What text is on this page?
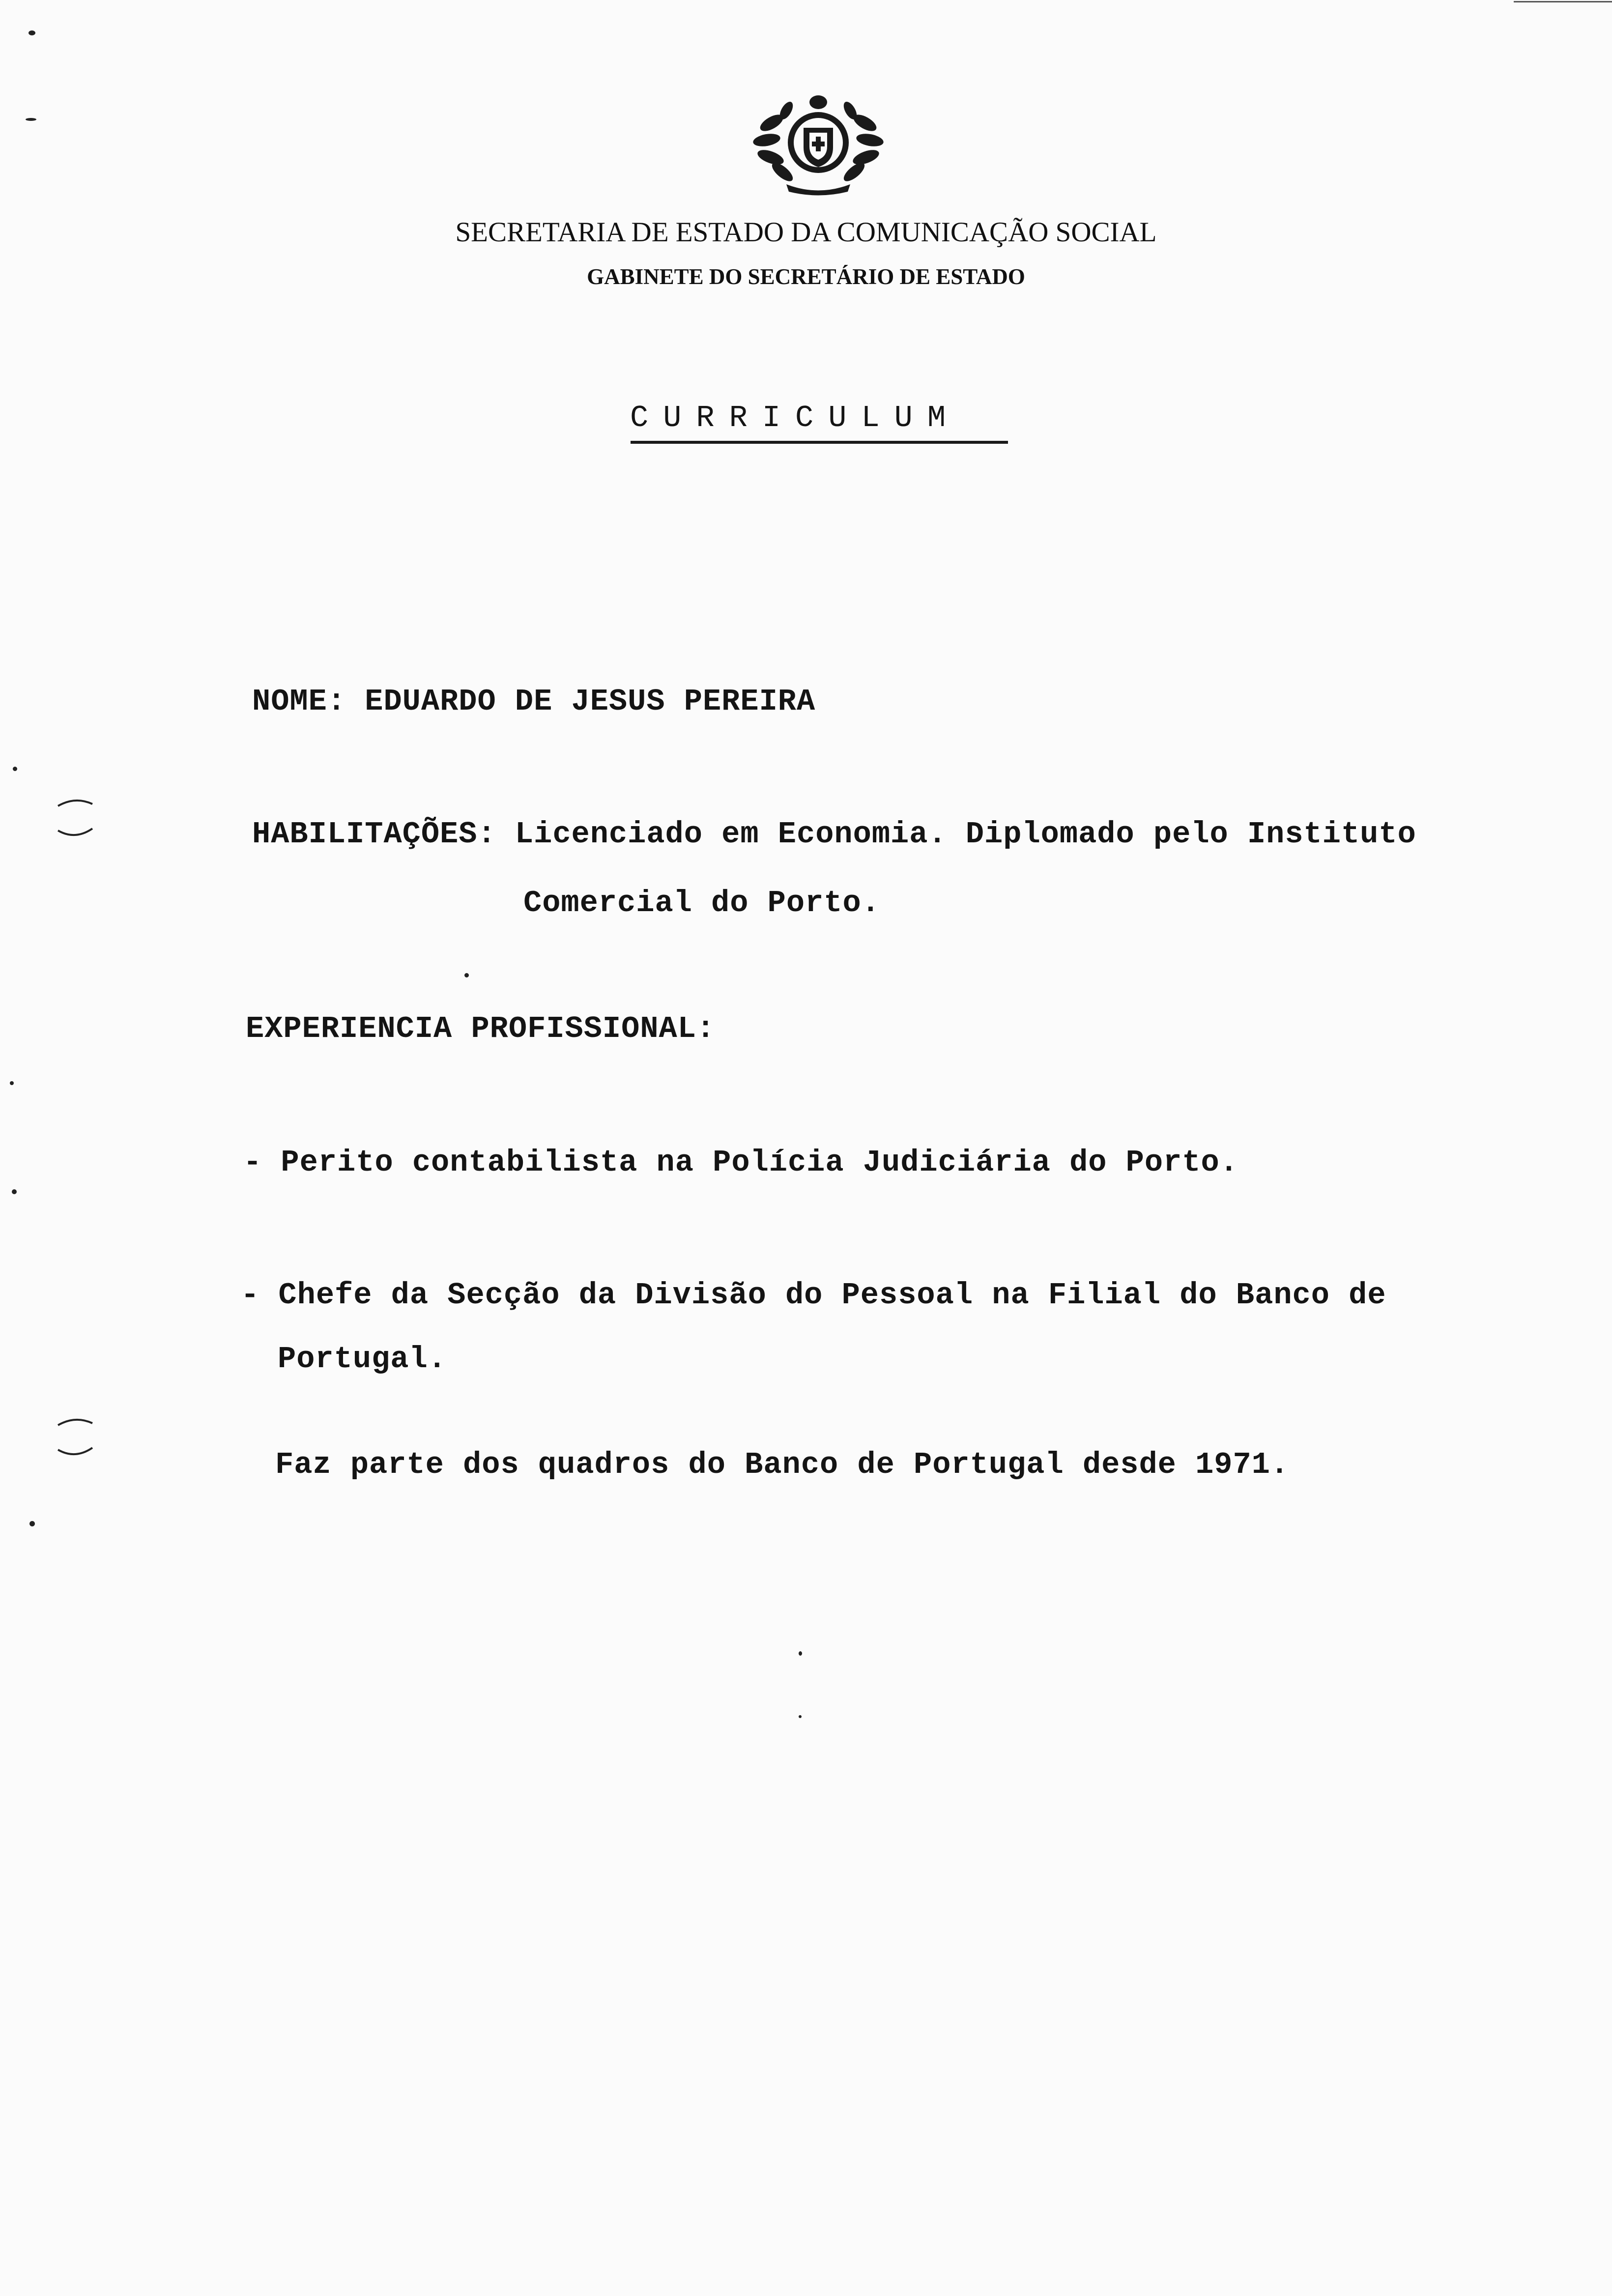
SECRETARIA DE ESTADO DA COMUNICAÇÃO SOCIAL
GABINETE DO SECRETÁRIO DE ESTADO
CURRICULUM
NOME: EDUARDO DE JESUS PEREIRA
HABILITAÇÕES: Licenciado em Economia. Diplomado pelo Instituto
Comercial do Porto.
EXPERIENCIA PROFISSIONAL:
- Perito contabilista na Polícia Judiciária do Porto.
- Chefe da Secção da Divisão do Pessoal na Filial do Banco de
Portugal.
Faz parte dos quadros do Banco de Portugal desde 1971.
